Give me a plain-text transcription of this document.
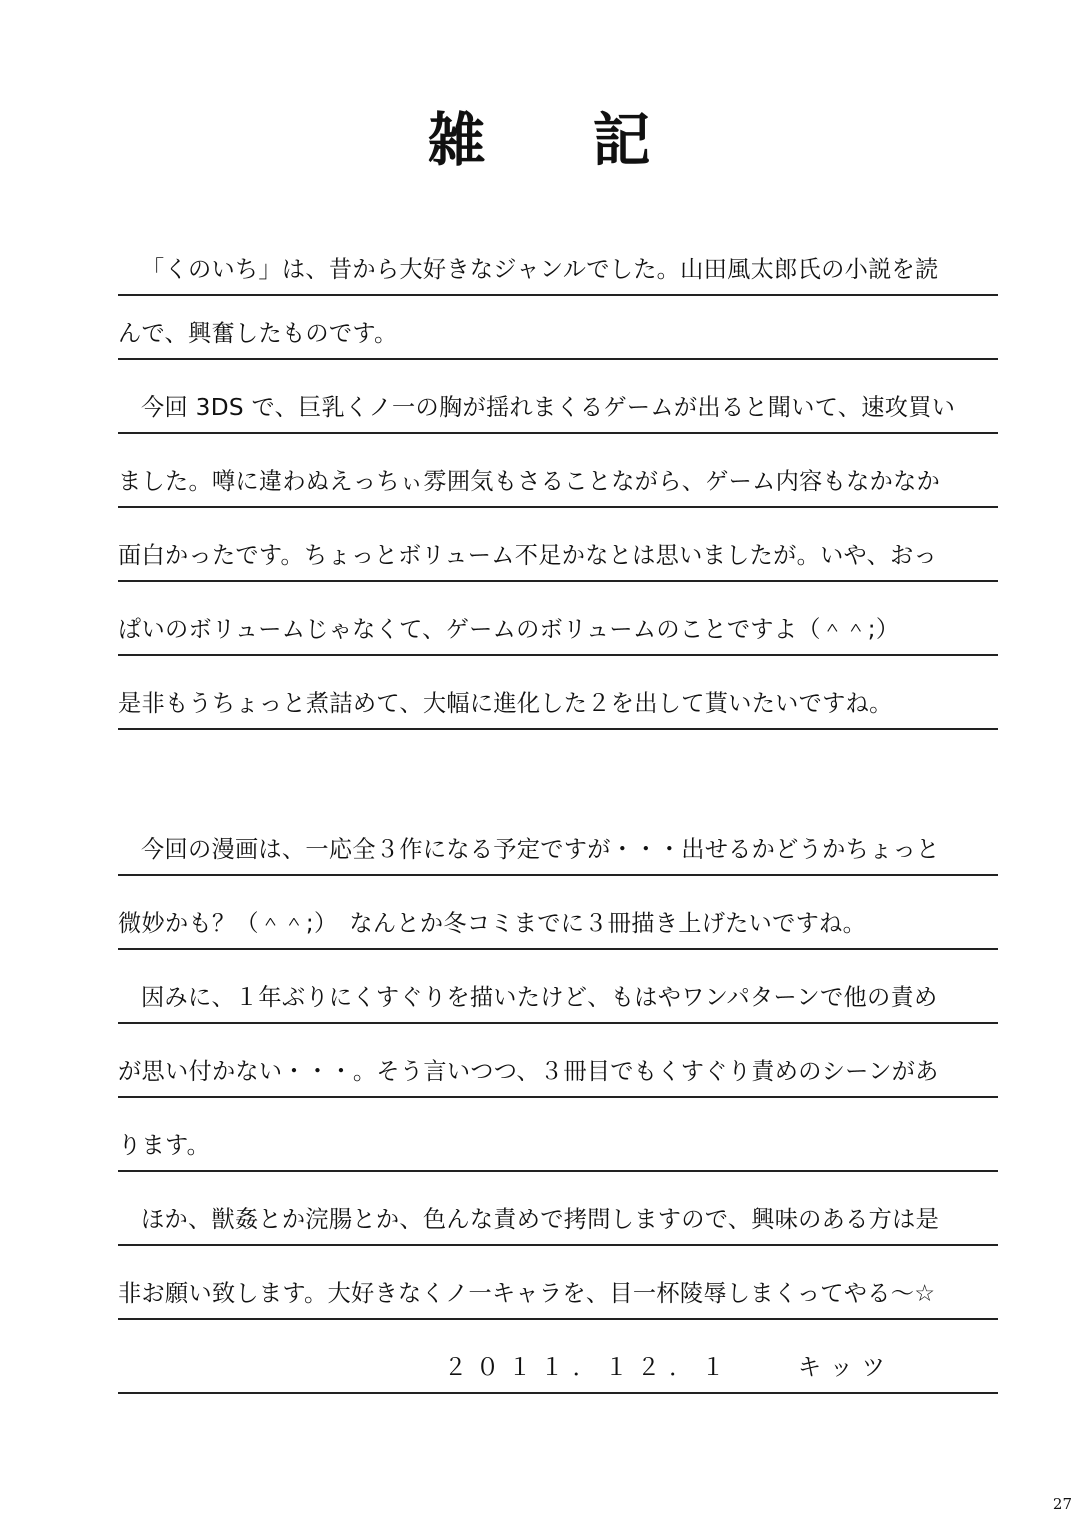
雑 記
「くのいち」は、昔から大好きなジャンルでした。山田風太郎氏の小説を読
んで、興奮したものです。
今回 3DS で、巨乳くノ一の胸が揺れまくるゲームが出ると聞いて、速攻買い
ました。噂に違わぬえっちぃ雰囲気もさることながら、ゲーム内容もなかなか
面白かったです。ちょっとボリューム不足かなとは思いましたが。いや、おっ
ぱいのボリュームじゃなくて、ゲームのボリュームのことですよ（＾＾;）
是非もうちょっと煮詰めて、大幅に進化した２を出して貰いたいですね。
今回の漫画は、一応全３作になる予定ですが・・・出せるかどうかちょっと
微妙かも？（＾＾;）　なんとか冬コミまでに３冊描き上げたいですね。
因みに、１年ぶりにくすぐりを描いたけど、もはやワンパターンで他の責め
が思い付かない・・・。そう言いつつ、３冊目でもくすぐり責めのシーンがあ
ります。
ほか、獣姦とか浣腸とか、色んな責めで拷問しますので、興味のある方は是
非お願い致します。大好きなくノ一キャラを、目一杯陵辱しまくってやる～☆
２０１１．１２．１　　キッツ
27
